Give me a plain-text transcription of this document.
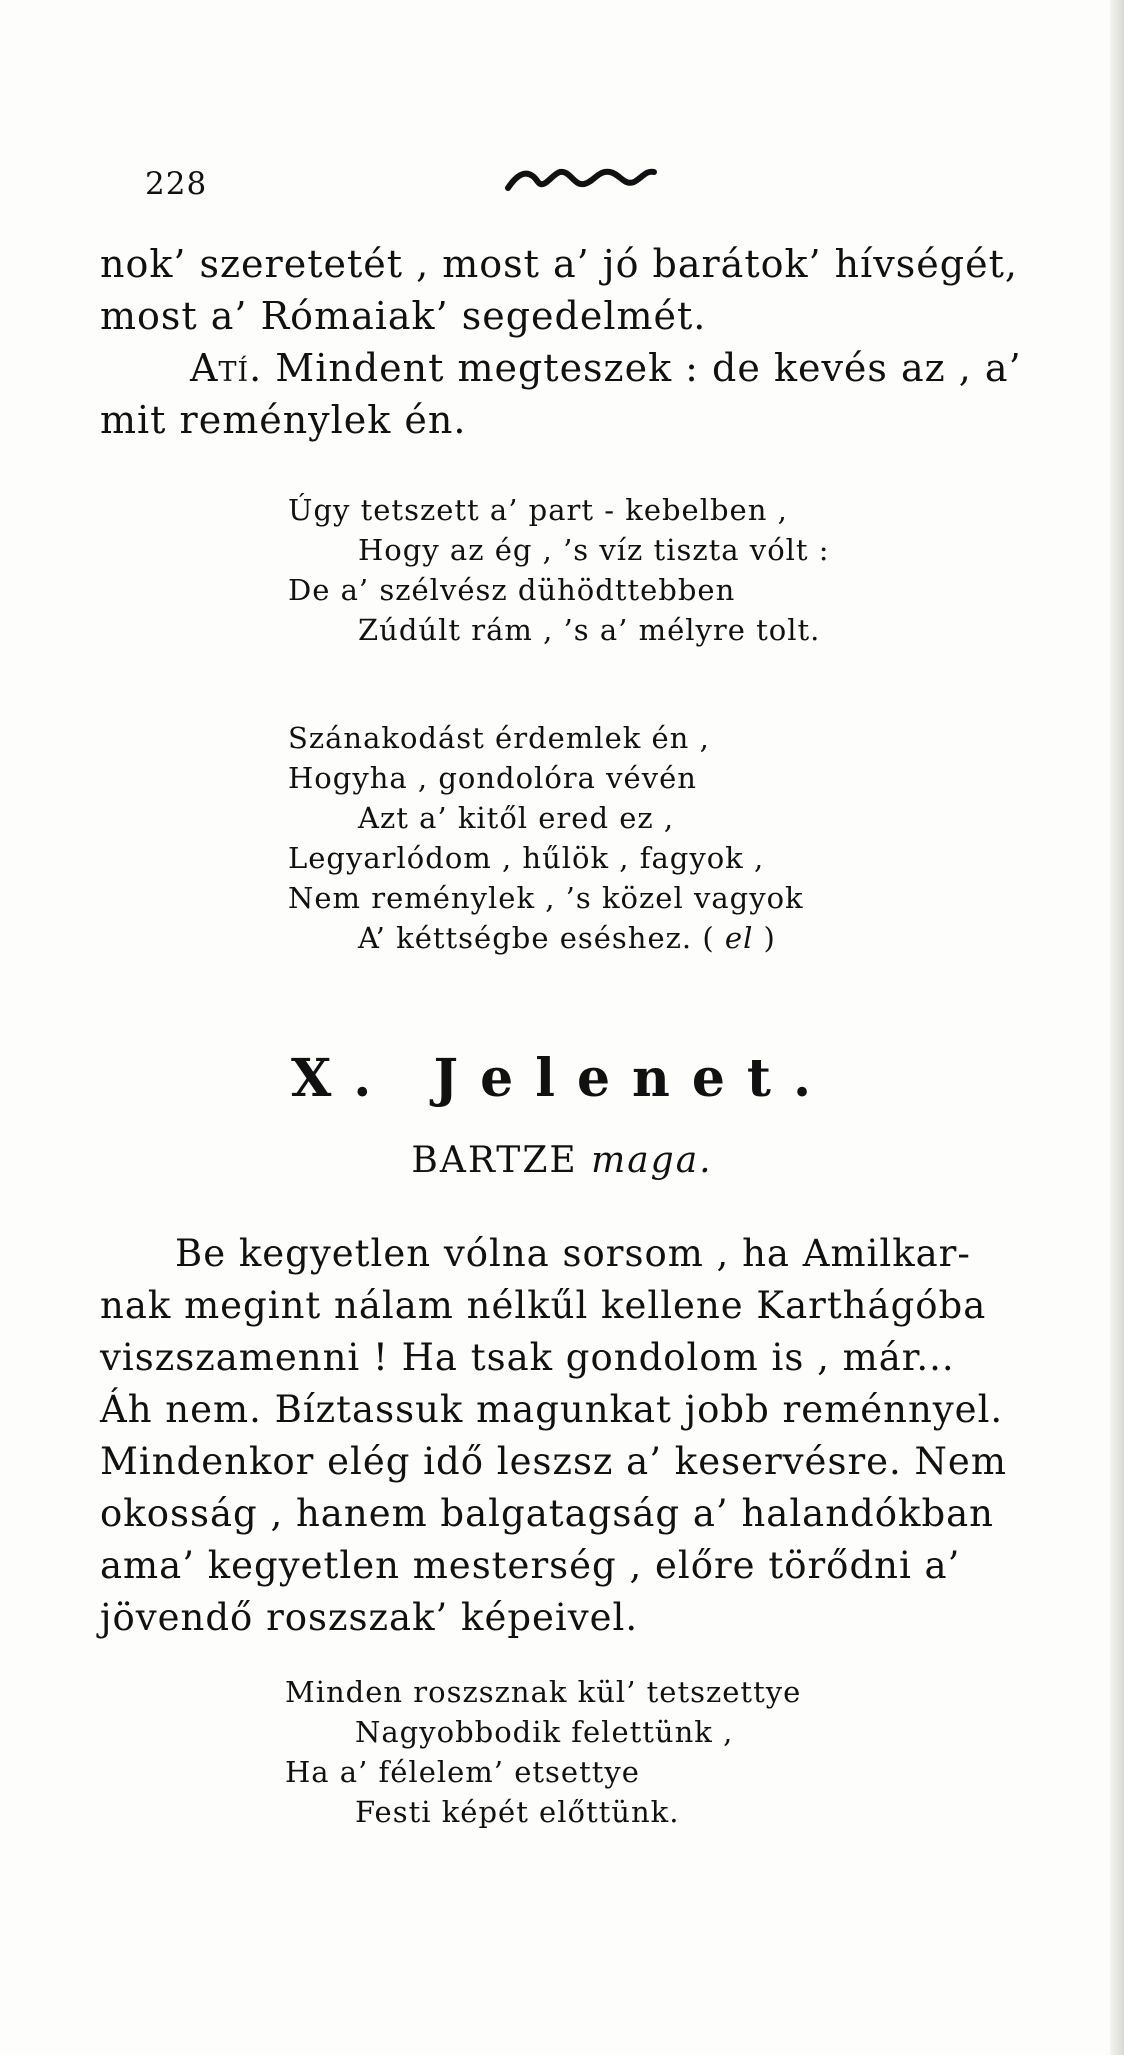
228
nok’ szeretetét , most a’ jó barátok’ hívségét,
most a’ Rómaiak’ segedelmét.
Atí. Mindent megteszek : de kevés az , a’
mit reménylek én.
Úgy tetszett a’ part - kebelben ,
Hogy az ég , ’s víz tiszta vólt :
De a’ szélvész dühödttebben
Zúdúlt rám , ’s a’ mélyre tolt.
Szánakodást érdemlek én ,
Hogyha , gondolóra vévén
Azt a’ kitől ered ez ,
Legyarlódom , hűlök , fagyok ,
Nem reménylek , ’s közel vagyok
A’ kéttségbe eséshez. ( el )
X. Jelenet.
BARTZE maga.
Be kegyetlen vólna sorsom , ha Amilkar-
nak megint nálam nélkűl kellene Karthágóba
viszszamenni ! Ha tsak gondolom is , már...
Áh nem. Bíztassuk magunkat jobb reménnyel.
Mindenkor elég idő leszsz a’ keservésre. Nem
okosság , hanem balgatagság a’ halandókban
ama’ kegyetlen mesterség , előre törődni a’
jövendő roszszak’ képeivel.
Minden roszsznak kül’ tetszettye
Nagyobbodik felettünk ,
Ha a’ félelem’ etsettye
Festi képét előttünk.
